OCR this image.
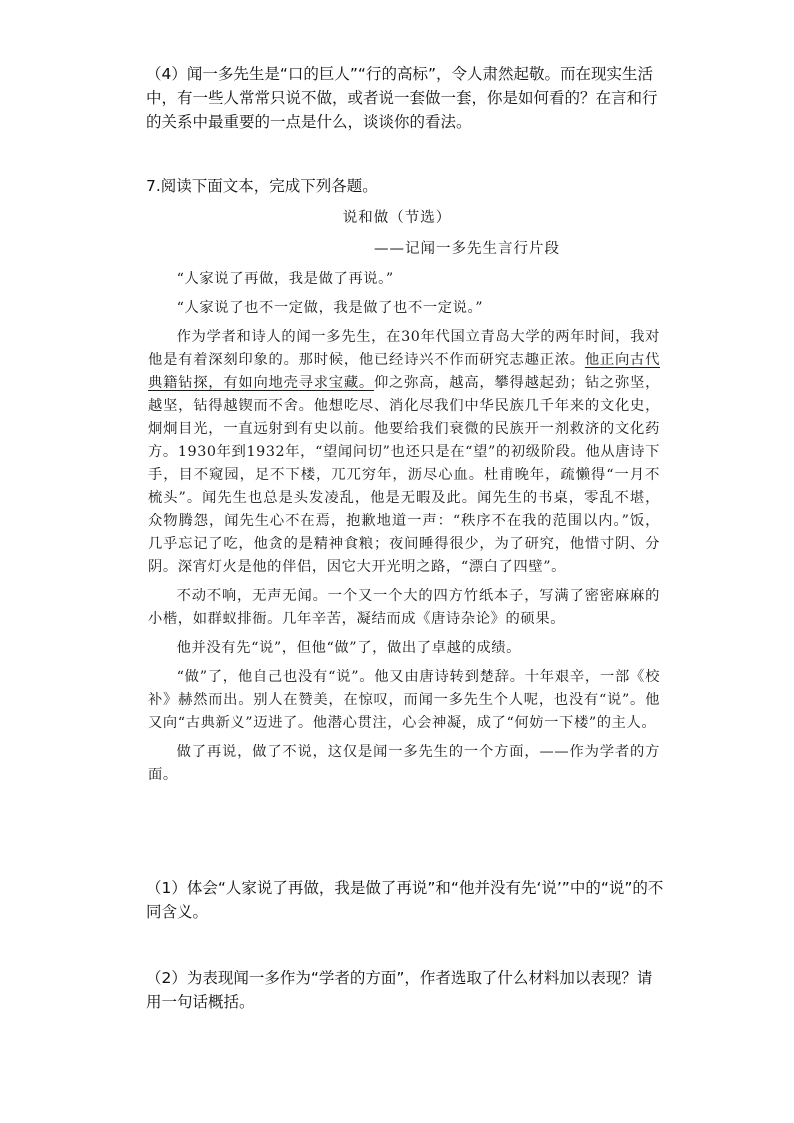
（4）闻一多先生是“口的巨人”“行的高标”，令人肃然起敬。而在现实生活中，有一些人常常只说不做，或者说一套做一套，你是如何看的？在言和行的关系中最重要的一点是什么，谈谈你的看法。
7.阅读下面文本，完成下列各题。
说和做（节选）
——记闻一多先生言行片段

“人家说了再做，我是做了再说。”

“人家说了也不一定做，我是做了也不一定说。”

作为学者和诗人的闻一多先生，在30年代国立青岛大学的两年时间，我对他是有着深刻印象的。那时候，他已经诗兴不作而研究志趣正浓。他正向古代典籍钻探，有如向地壳寻求宝藏。仰之弥高，越高，攀得越起劲；钻之弥坚，越坚，钻得越锲而不舍。他想吃尽、消化尽我们中华民族几千年来的文化史，炯炯目光，一直远射到有史以前。他要给我们衰微的民族开一剂救济的文化药方。1930年到1932年，“望闻问切”也还只是在“望”的初级阶段。他从唐诗下手，目不窥园，足不下楼，兀兀穷年，沥尽心血。杜甫晚年，疏懒得“一月不梳头”。闻先生也总是头发凌乱，他是无暇及此。闻先生的书桌，零乱不堪，众物腾怨，闻先生心不在焉，抱歉地道一声：“秩序不在我的范围以内。”饭，几乎忘记了吃，他贪的是精神食粮；夜间睡得很少，为了研究，他惜寸阴、分阴。深宵灯火是他的伴侣，因它大开光明之路，“漂白了四壁”。

不动不响，无声无闻。一个又一个大的四方竹纸本子，写满了密密麻麻的小楷，如群蚁排衙。几年辛苦，凝结而成《唐诗杂论》的硕果。

他并没有先“说”，但他“做”了，做出了卓越的成绩。

“做”了，他自己也没有“说”。他又由唐诗转到楚辞。十年艰辛，一部《校补》赫然而出。别人在赞美，在惊叹，而闻一多先生个人呢，也没有“说”。他又向“古典新义”迈进了。他潜心贯注，心会神凝，成了“何妨一下楼”的主人。

做了再说，做了不说，这仅是闻一多先生的一个方面，——作为学者的方面。

（1）体会“人家说了再做，我是做了再说”和“他并没有先‘说’”中的“说”的不同含义。
（2）为表现闻一多作为“学者的方面”，作者选取了什么材料加以表现？请用一句话概括。
